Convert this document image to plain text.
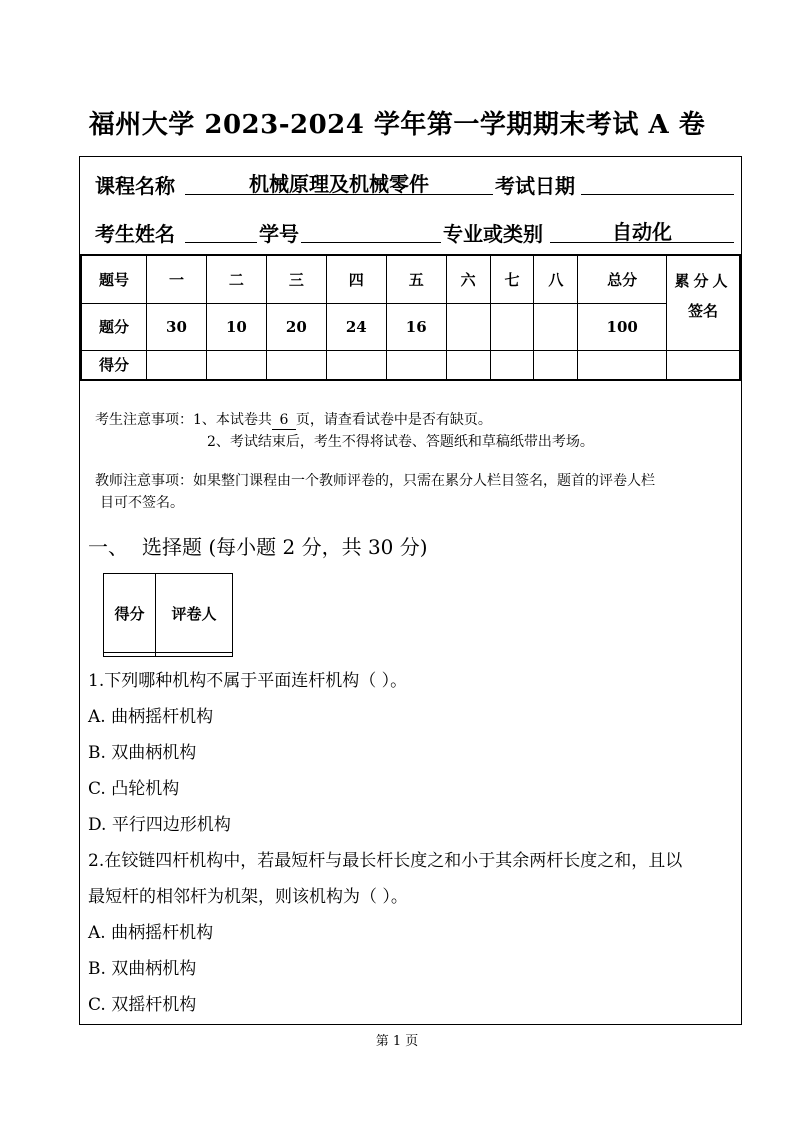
福州大学 2023-2024 学年第一学期期末考试 A 卷
课程名称	机械原理及机械零件	考试日期
考生姓名	学号	专业或类别	自动化
题号	一	二	三	四	五	六	七	八	总分	累分人
签名

题分	30	10	20	24	16				100	
得分										
考生注意事项：1、本试卷共 6 页，请查看试卷中是否有缺页。
2、考试结束后，考生不得将试卷、答题纸和草稿纸带出考场。
教师注意事项：如果整门课程由一个教师评卷的，只需在累分人栏目签名，题首的评卷人栏
目可不签名。
一、 选择题 (每小题 2 分，共 30 分)
得分	评卷人

1.下列哪种机构不属于平面连杆机构（ ）。
A. 曲柄摇杆机构
B. 双曲柄机构
C. 凸轮机构
D. 平行四边形机构
2.在铰链四杆机构中，若最短杆与最长杆长度之和小于其余两杆长度之和，且以
最短杆的相邻杆为机架，则该机构为（ ）。
A. 曲柄摇杆机构
B. 双曲柄机构
C. 双摇杆机构
第 1 页
